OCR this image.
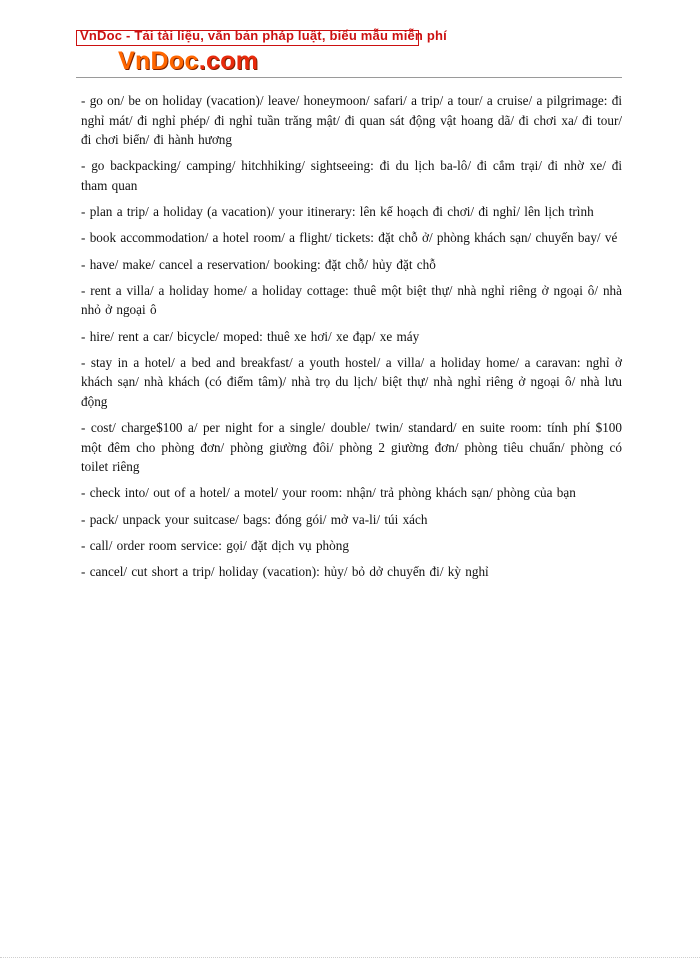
VnDoc - Tải tài liệu, văn bản pháp luật, biểu mẫu miễn phí
VnDoc.com

- go on/ be on holiday (vacation)/ leave/ honeymoon/ safari/ a trip/ a tour/ a cruise/ a pilgrimage: đi nghỉ mát/ đi nghỉ phép/ đi nghỉ tuần trăng mật/ đi quan sát động vật hoang dã/ đi chơi xa/ đi tour/ đi chơi biển/ đi hành hương

- go backpacking/ camping/ hitchhiking/ sightseeing: đi du lịch ba-lô/ đi cắm trại/ đi nhờ xe/ đi tham quan

- plan a trip/ a holiday (a vacation)/ your itinerary: lên kế hoạch đi chơi/ đi nghỉ/ lên lịch trình

- book accommodation/ a hotel room/ a flight/ tickets: đặt chỗ ở/ phòng khách sạn/ chuyến bay/ vé

- have/ make/ cancel a reservation/ booking: đặt chỗ/ hủy đặt chỗ

- rent a villa/ a holiday home/ a holiday cottage: thuê một biệt thự/ nhà nghỉ riêng ở ngoại ô/ nhà nhỏ ở ngoại ô

- hire/ rent a car/ bicycle/ moped: thuê xe hơi/ xe đạp/ xe máy

- stay in a hotel/ a bed and breakfast/ a youth hostel/ a villa/ a holiday home/ a caravan: nghỉ ở khách sạn/ nhà khách (có điểm tâm)/ nhà trọ du lịch/ biệt thự/ nhà nghỉ riêng ở ngoại ô/ nhà lưu động

- cost/ charge$100 a/ per night for a single/ double/ twin/ standard/ en suite room: tính phí $100 một đêm cho phòng đơn/ phòng giường đôi/ phòng 2 giường đơn/ phòng tiêu chuẩn/ phòng có toilet riêng

- check into/ out of a hotel/ a motel/ your room: nhận/ trả phòng khách sạn/ phòng của bạn

- pack/ unpack your suitcase/ bags: đóng gói/ mở va-li/ túi xách

- call/ order room service: gọi/ đặt dịch vụ phòng

- cancel/ cut short a trip/ holiday (vacation): hủy/ bỏ dở chuyến đi/ kỳ nghỉ
